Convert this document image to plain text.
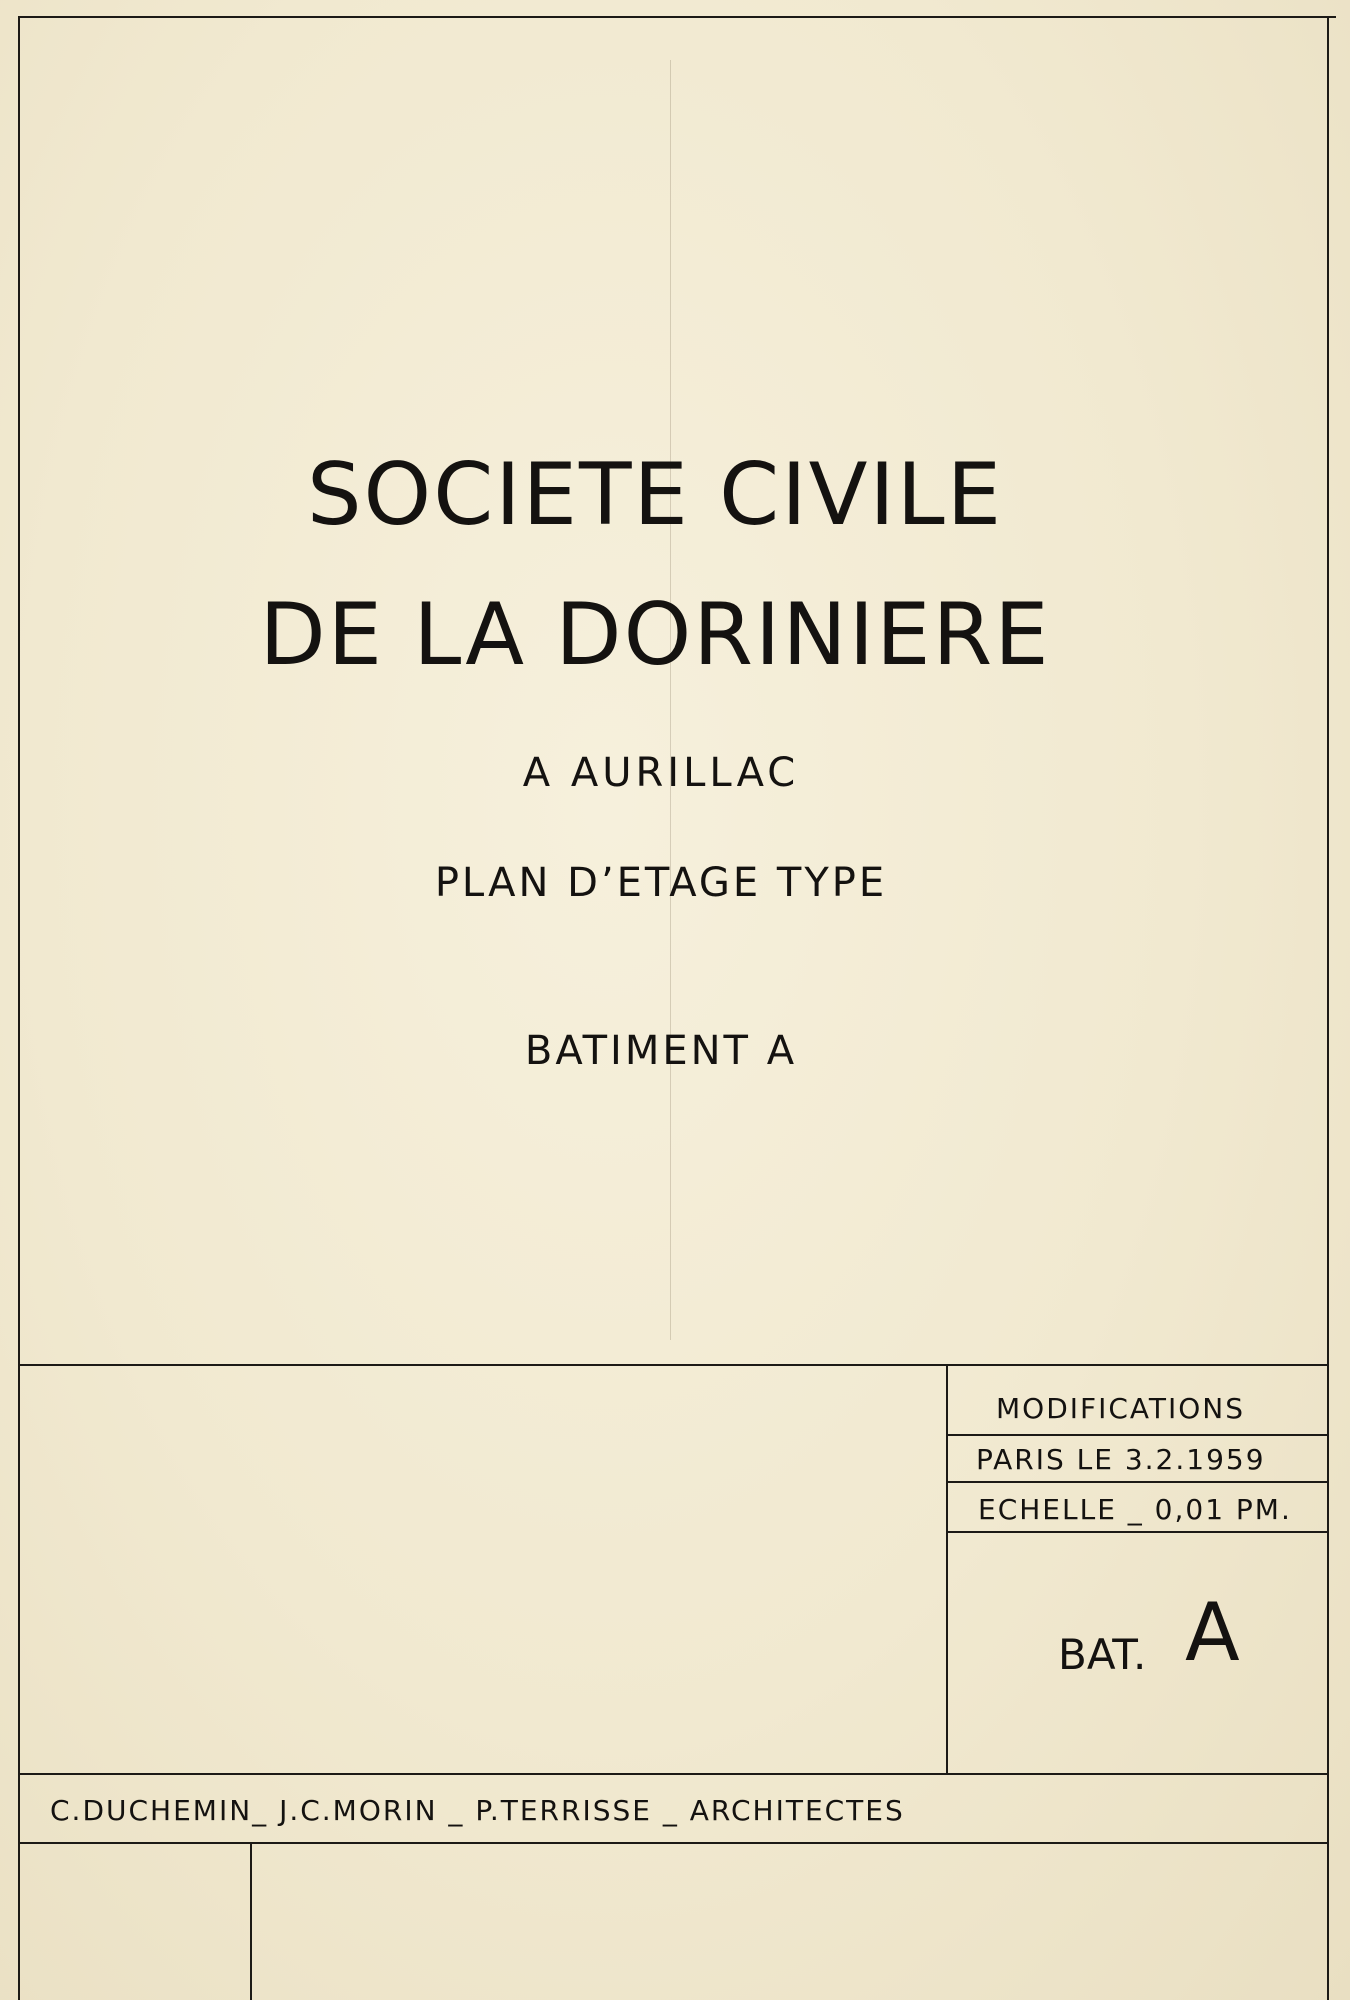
SOCIETE CIVILE
DE LA DORINIERE
A AURILLAC
PLAN D’ETAGE TYPE
BATIMENT A
MODIFICATIONS
PARIS LE 3.2.1959
ECHELLE _ 0,01 PM.
BAT. A
C.DUCHEMIN_ J.C.MORIN _ P.TERRISSE _ ARCHITECTES
